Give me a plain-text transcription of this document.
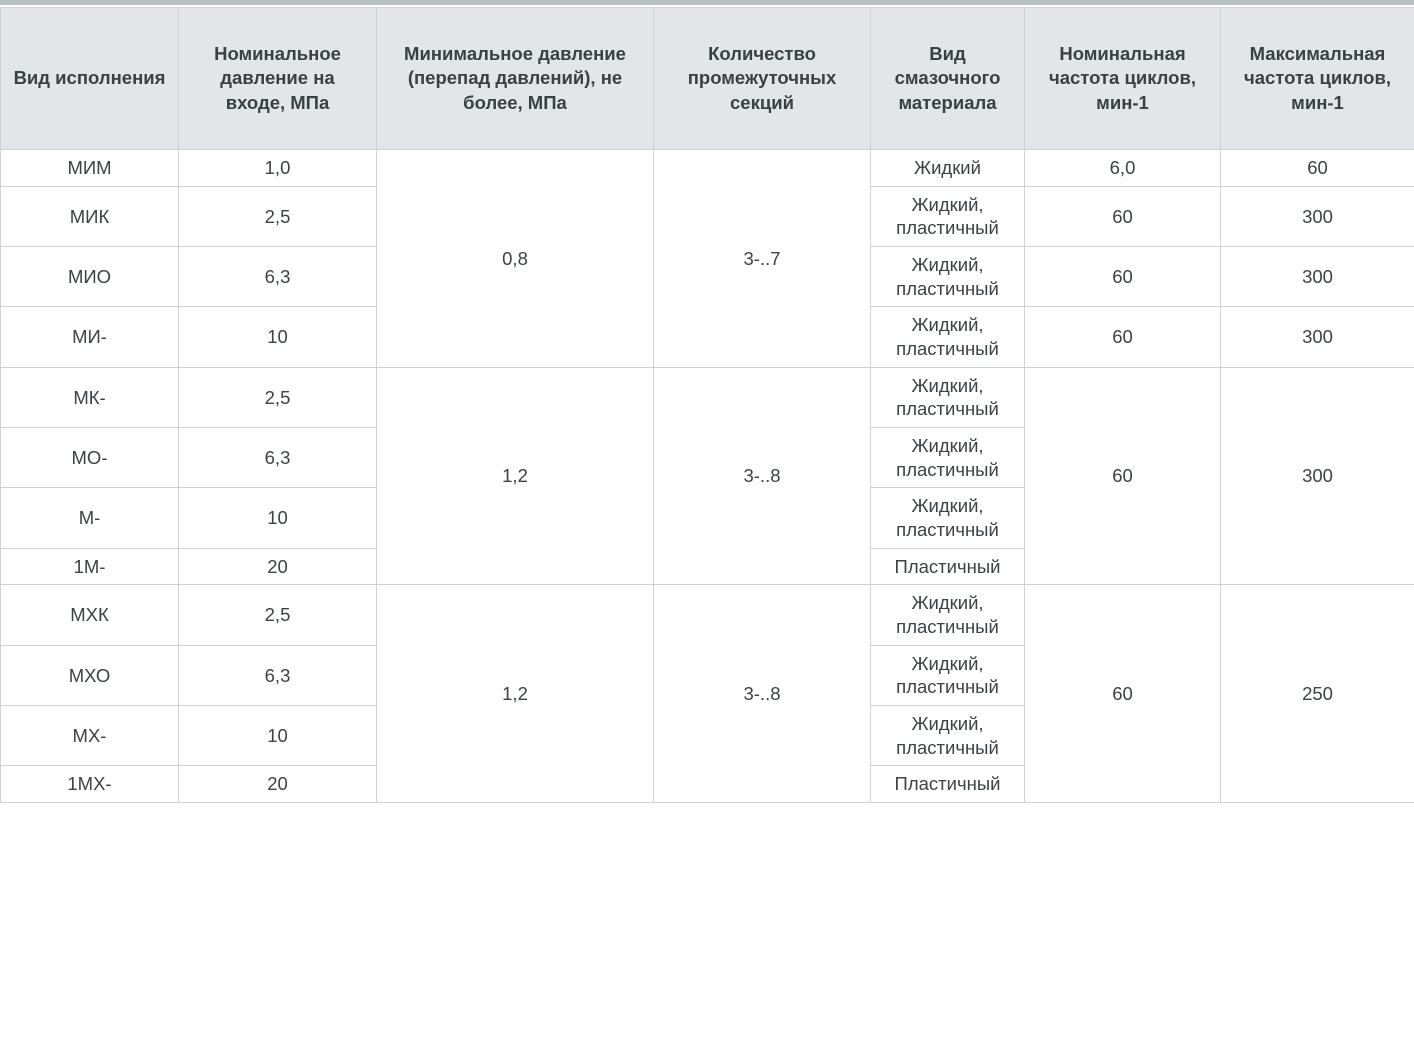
Вид исполнения	Номинальное давление на входе, МПа	Минимальное давление (перепад давлений), не более, МПа	Количество промежуточных секций	Вид смазочного материала	Номинальная частота циклов, мин-1	Максимальная частота циклов, мин-1
МИМ	1,0	0,8	3-..7	Жидкий	6,0	60
МИК	2,5			Жидкий, пластичный	60	300
МИО	6,3			Жидкий, пластичный	60	300
МИ-	10			Жидкий, пластичный	60	300
МК-	2,5	1,2	3-..8	Жидкий, пластичный	60	300
МО-	6,3			Жидкий, пластичный		
М-	10			Жидкий, пластичный		
1М-	20			Пластичный		
МХК	2,5	1,2	3-..8	Жидкий, пластичный	60	250
МХО	6,3			Жидкий, пластичный		
МХ-	10			Жидкий, пластичный		
1МХ-	20			Пластичный		
